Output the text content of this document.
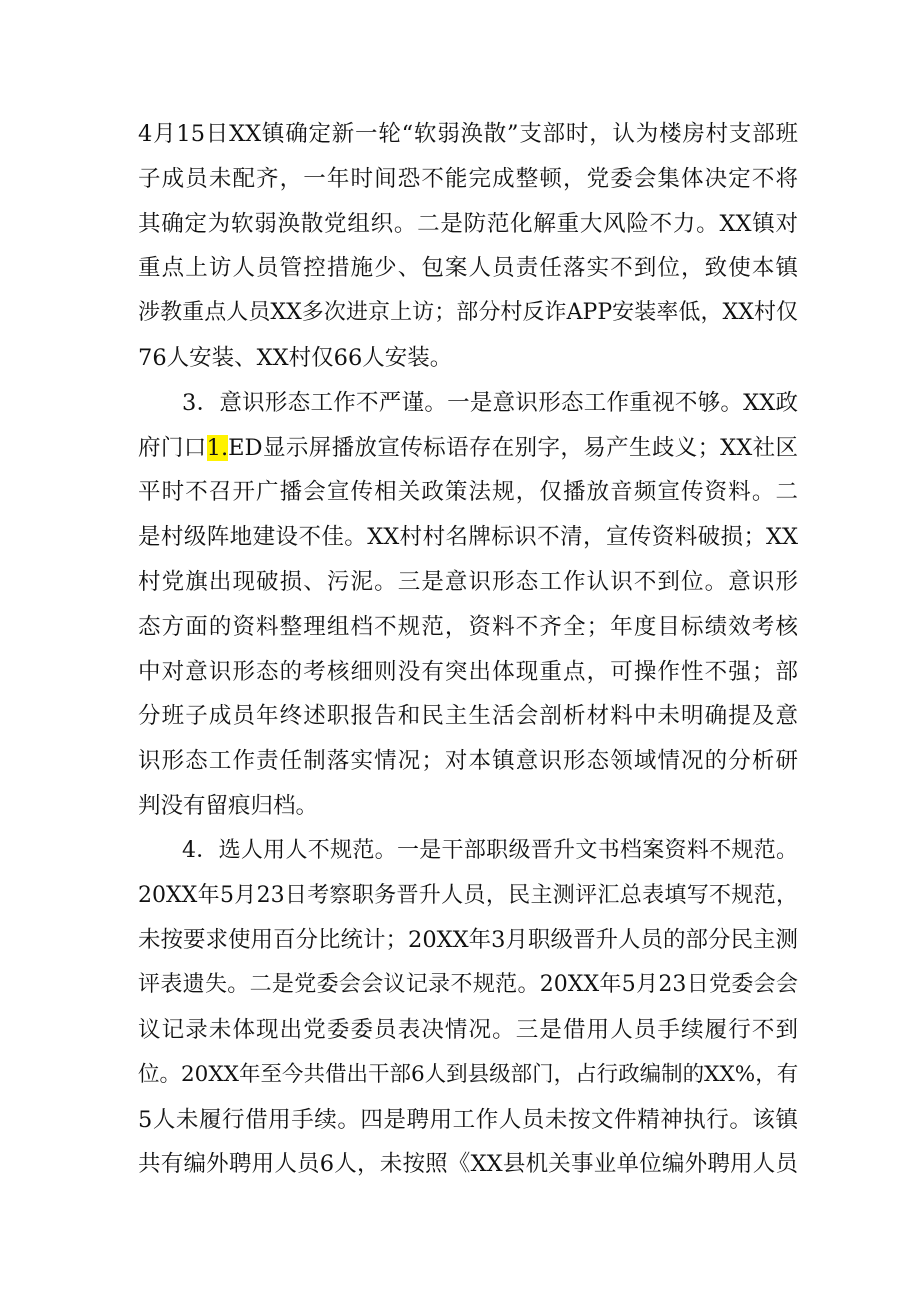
4月15日XX镇确定新一轮“软弱涣散”支部时，认为楼房村支部班
子成员未配齐，一年时间恐不能完成整顿，党委会集体决定不将
其确定为软弱涣散党组织。二是防范化解重大风险不力。XX镇对
重点上访人员管控措施少、包案人员责任落实不到位，致使本镇
涉教重点人员XX多次进京上访；部分村反诈APP安装率低，XX村仅
76人安装、XX村仅66人安装。
3．意识形态工作不严谨。一是意识形态工作重视不够。XX政
府门口1.ED显示屏播放宣传标语存在别字，易产生歧义；XX社区
平时不召开广播会宣传相关政策法规，仅播放音频宣传资料。二
是村级阵地建设不佳。XX村村名牌标识不清，宣传资料破损；XX
村党旗出现破损、污泥。三是意识形态工作认识不到位。意识形
态方面的资料整理组档不规范，资料不齐全；年度目标绩效考核
中对意识形态的考核细则没有突出体现重点，可操作性不强；部
分班子成员年终述职报告和民主生活会剖析材料中未明确提及意
识形态工作责任制落实情况；对本镇意识形态领域情况的分析研
判没有留痕归档。
4．选人用人不规范。一是干部职级晋升文书档案资料不规范。
20XX年5月23日考察职务晋升人员，民主测评汇总表填写不规范，
未按要求使用百分比统计；20XX年3月职级晋升人员的部分民主测
评表遗失。二是党委会会议记录不规范。20XX年5月23日党委会会
议记录未体现出党委委员表决情况。三是借用人员手续履行不到
位。20XX年至今共借出干部6人到县级部门，占行政编制的XX%，有
5人未履行借用手续。四是聘用工作人员未按文件精神执行。该镇
共有编外聘用人员6人，未按照《XX县机关事业单位编外聘用人员
